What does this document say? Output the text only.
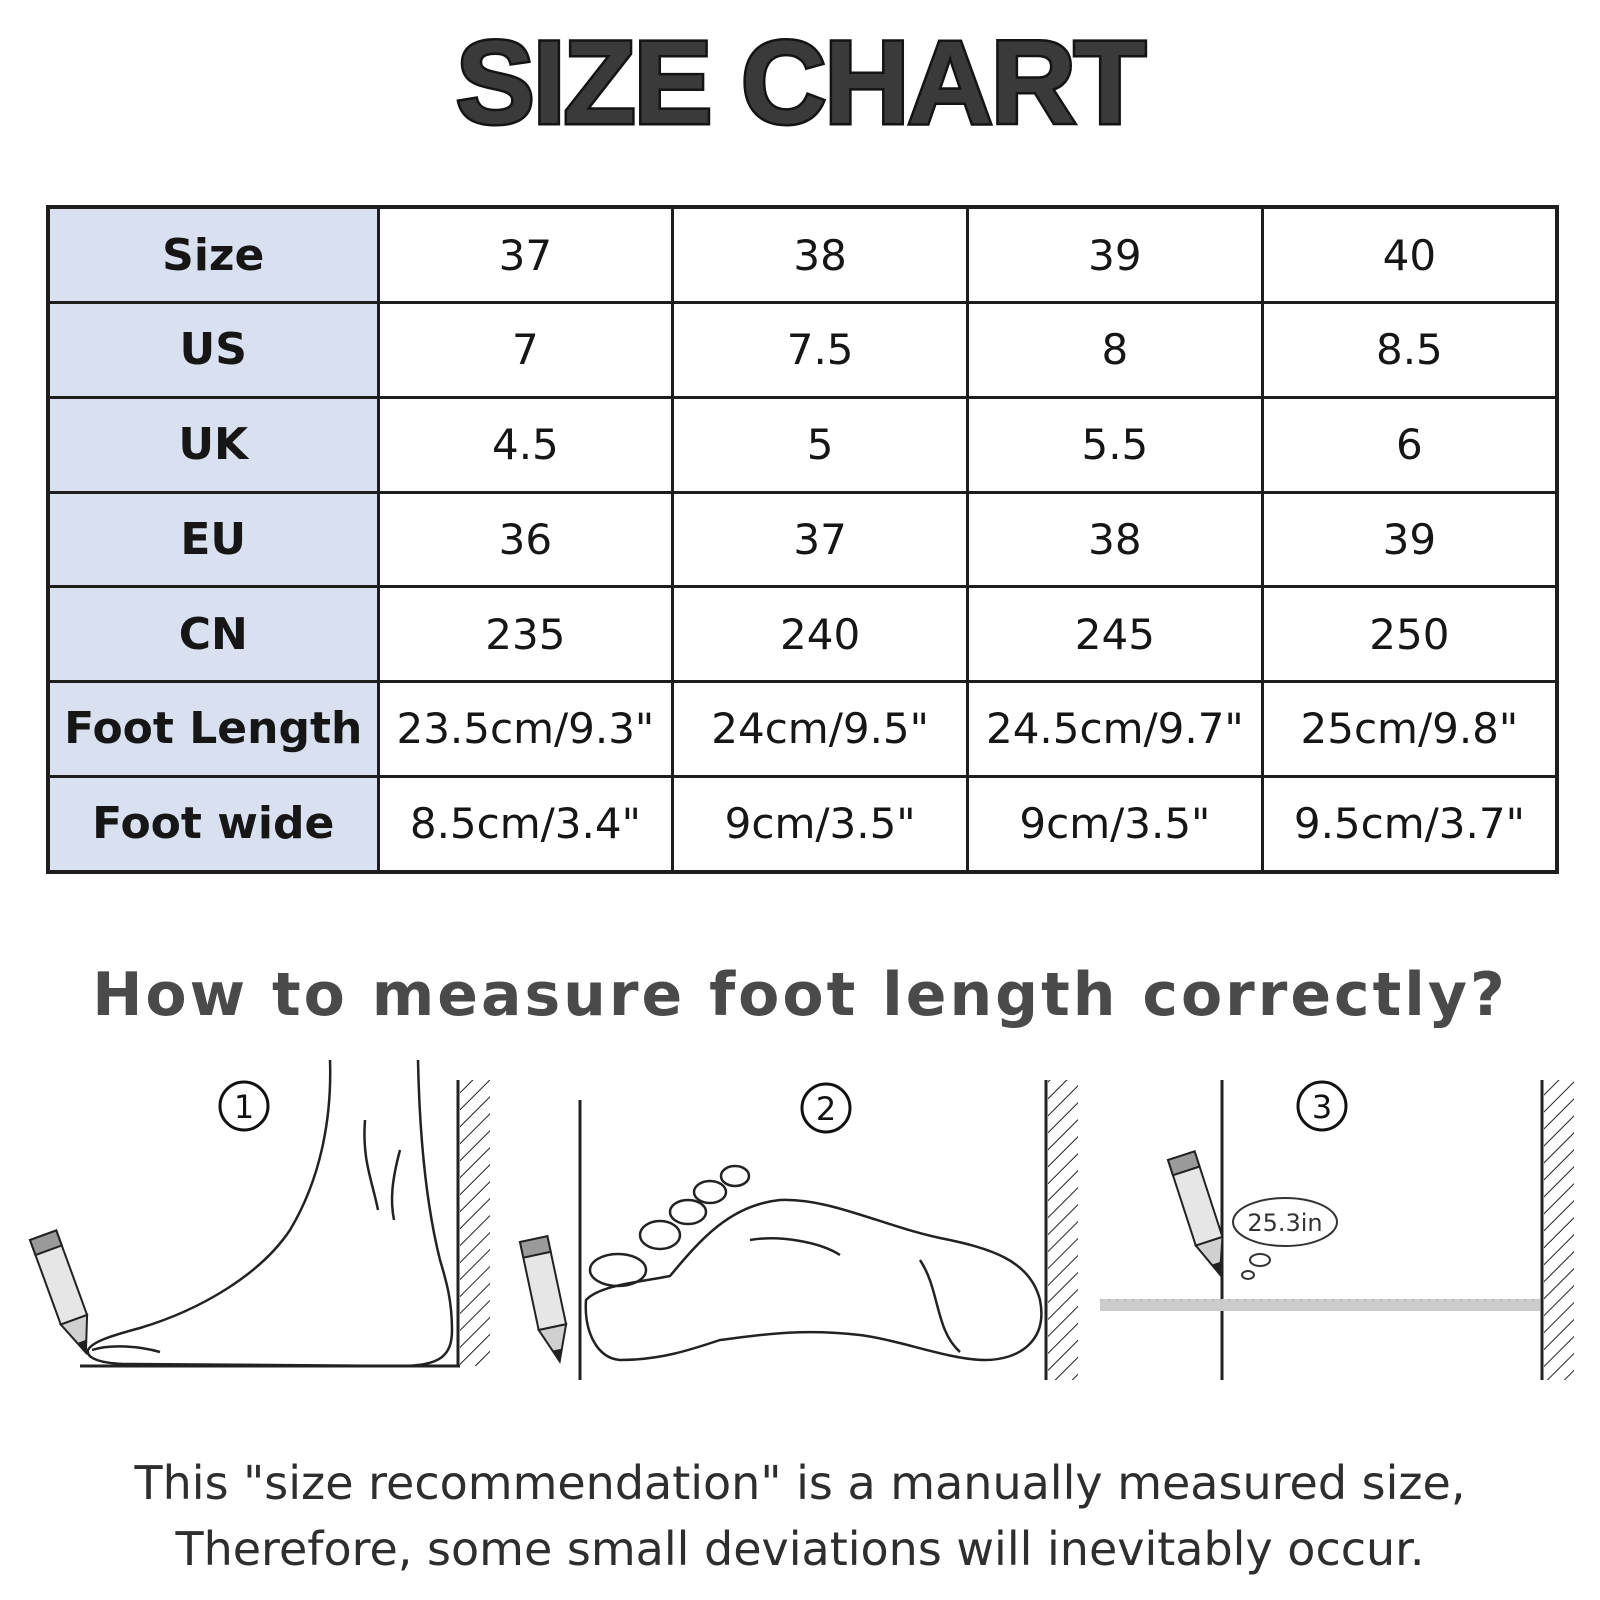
SIZE CHART
Size	37	38	39	40
US	7	7.5	8	8.5
UK	4.5	5	5.5	6
EU	36	37	38	39
CN	235	240	245	250
Foot Length	23.5cm/9.3"	24cm/9.5"	24.5cm/9.7"	25cm/9.8"
Foot wide	8.5cm/3.4"	9cm/3.5"	9cm/3.5"	9.5cm/3.7"
How to measure foot length correctly?
1	2	3
25.3in
This "size recommendation" is a manually measured size,
Therefore, some small deviations will inevitably occur.
